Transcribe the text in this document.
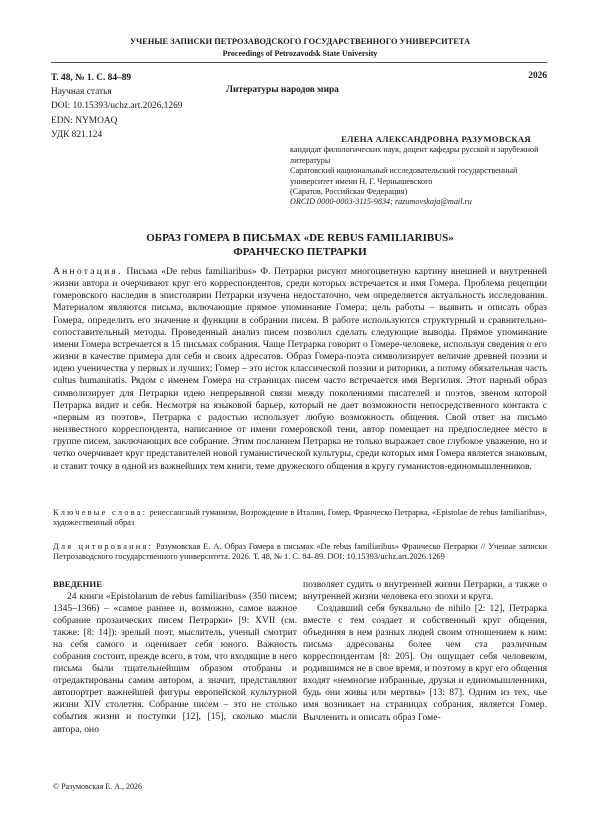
УЧЕНЫЕ ЗАПИСКИ ПЕТРОЗАВОДСКОГО ГОСУДАРСТВЕННОГО УНИВЕРСИТЕТА
Proceedings of Petrozavodsk State University
Т. 48, № 1. С. 84–89
Научная статья
DOI: 10.15393/uchz.art.2026.1269
EDN: NYMOAQ
УДК 821.124
2026
Литературы народов мира
ЕЛЕНА АЛЕКСАНДРОВНА РАЗУМОВСКАЯ
кандидат филологических наук, доцент кафедры русской и зарубежной литературы
Саратовский национальный исследовательский государственный университет имени Н. Г. Чернышевского
(Саратов, Российская Федерация)
ORCID 0000-0003-3115-9834; razumovskaja@mail.ru
ОБРАЗ ГОМЕРА В ПИСЬМАХ «DE REBUS FAMILIARIBUS»
ФРАНЧЕСКО ПЕТРАРКИ

Аннотация. Письма «De rebus familiaribus» Ф. Петрарки рисуют многоцветную картину внешней и внутренней жизни автора и очерчивают круг его корреспондентов, среди которых встречается и имя Гомера. Проблема рецепции гомеровского наследия в эпистолярии Петрарки изучена недостаточно, чем определяется актуальность исследования. Материалом являются письма, включающие прямое упоминание Гомера; цель работы – выявить и описать образ Гомера, определить его значение и функции в собрании писем. В работе используются структурный и сравнительно-сопоставительный методы. Проведенный анализ писем позволил сделать следующие выводы. Прямое упоминание имени Гомера встречается в 15 письмах собрания. Чаще Петрарка говорит о Гомере-человеке, используя сведения о его жизни в качестве примера для себя и своих адресатов. Образ Гомера-поэта символизирует величие древней поэзии и идею ученичества у первых и лучших; Гомер – это исток классической поэзии и риторики, а потому обязательная часть cultus humanitatis. Рядом с именем Гомера на страницах писем часто встречается имя Вергилия. Этот парный образ символизирует для Петрарки идею непрерывной связи между поколениями писателей и поэтов, звеном которой Петрарка видит и себя. Несмотря на языковой барьер, который не дает возможности непосредственного контакта с «первым из поэтов», Петрарка с радостью использует любую возможность общения. Свой ответ на письмо неизвестного корреспондента, написанное от имени гомеровской тени, автор помещает на предпоследнее место в группе писем, заключающих все собрание. Этим посланием Петрарка не только выражает свое глубокое уважение, но и четко очерчивает круг представителей новой гуманистической культуры, среди которых имя Гомера является знаковым, и ставит точку в одной из важнейших тем книги, теме дружеского общения в кругу гуманистов-единомышленников.

Ключевые слова: ренессансный гуманизм, Возрождение в Италии, Гомер, Франческо Петрарка, «Epistolae de rebus familiaribus», художественный образ
Для цитирования: Разумовская Е. А. Образ Гомера в письмах «De rebus familiaribus» Франческо Петрарки // Ученые записки Петрозаводского государственного университета. 2026. Т. 48, № 1. С. 84–89. DOI: 10.15393/uchz.art.2026.1269
ВВЕДЕНИЕ

24 книги «Epistolarum de rebus familiaribus» (350 писем; 1345–1366) – «самое раннее и, возможно, самое важное собрание прозаических писем Петрарки» [9: XVII (см. также: [8: 14]): зрелый поэт, мыслитель, ученый смотрит на себя самого и оценивает себя юного. Важность собрания состоит, прежде всего, в том, что входящие в него письма были тщательнейшим образом отобраны и отредактированы самим автором, а значит, представляют автопортрет важнейшей фигуры европейской культурной жизни XIV столетия. Собрание писем – это не столько события жизни и поступки [12], [15], сколько мысли автора, оно

позволяет судить о внутренней жизни Петрарки, а также о внутренней жизни человека его эпохи и круга.

Создавший себя буквально de nihilo [2: 12], Петрарка вместе с тем создает и собственный круг общения, объединяя в нем разных людей своим отношением к ним: письма адресованы более чем ста различным корреспондентам [8: 205]. Он ощущает себя человеком, родившимся не в свое время, и поэтому в круг его общения входят «немногие избранные, друзья и единомышленники, будь они живы или мертвы» [13: 87]. Одним из тех, чье имя возникает на страницах собрания, является Гомер. Вычленить и описать образ Гоме-

© Разумовская Е. А., 2026
